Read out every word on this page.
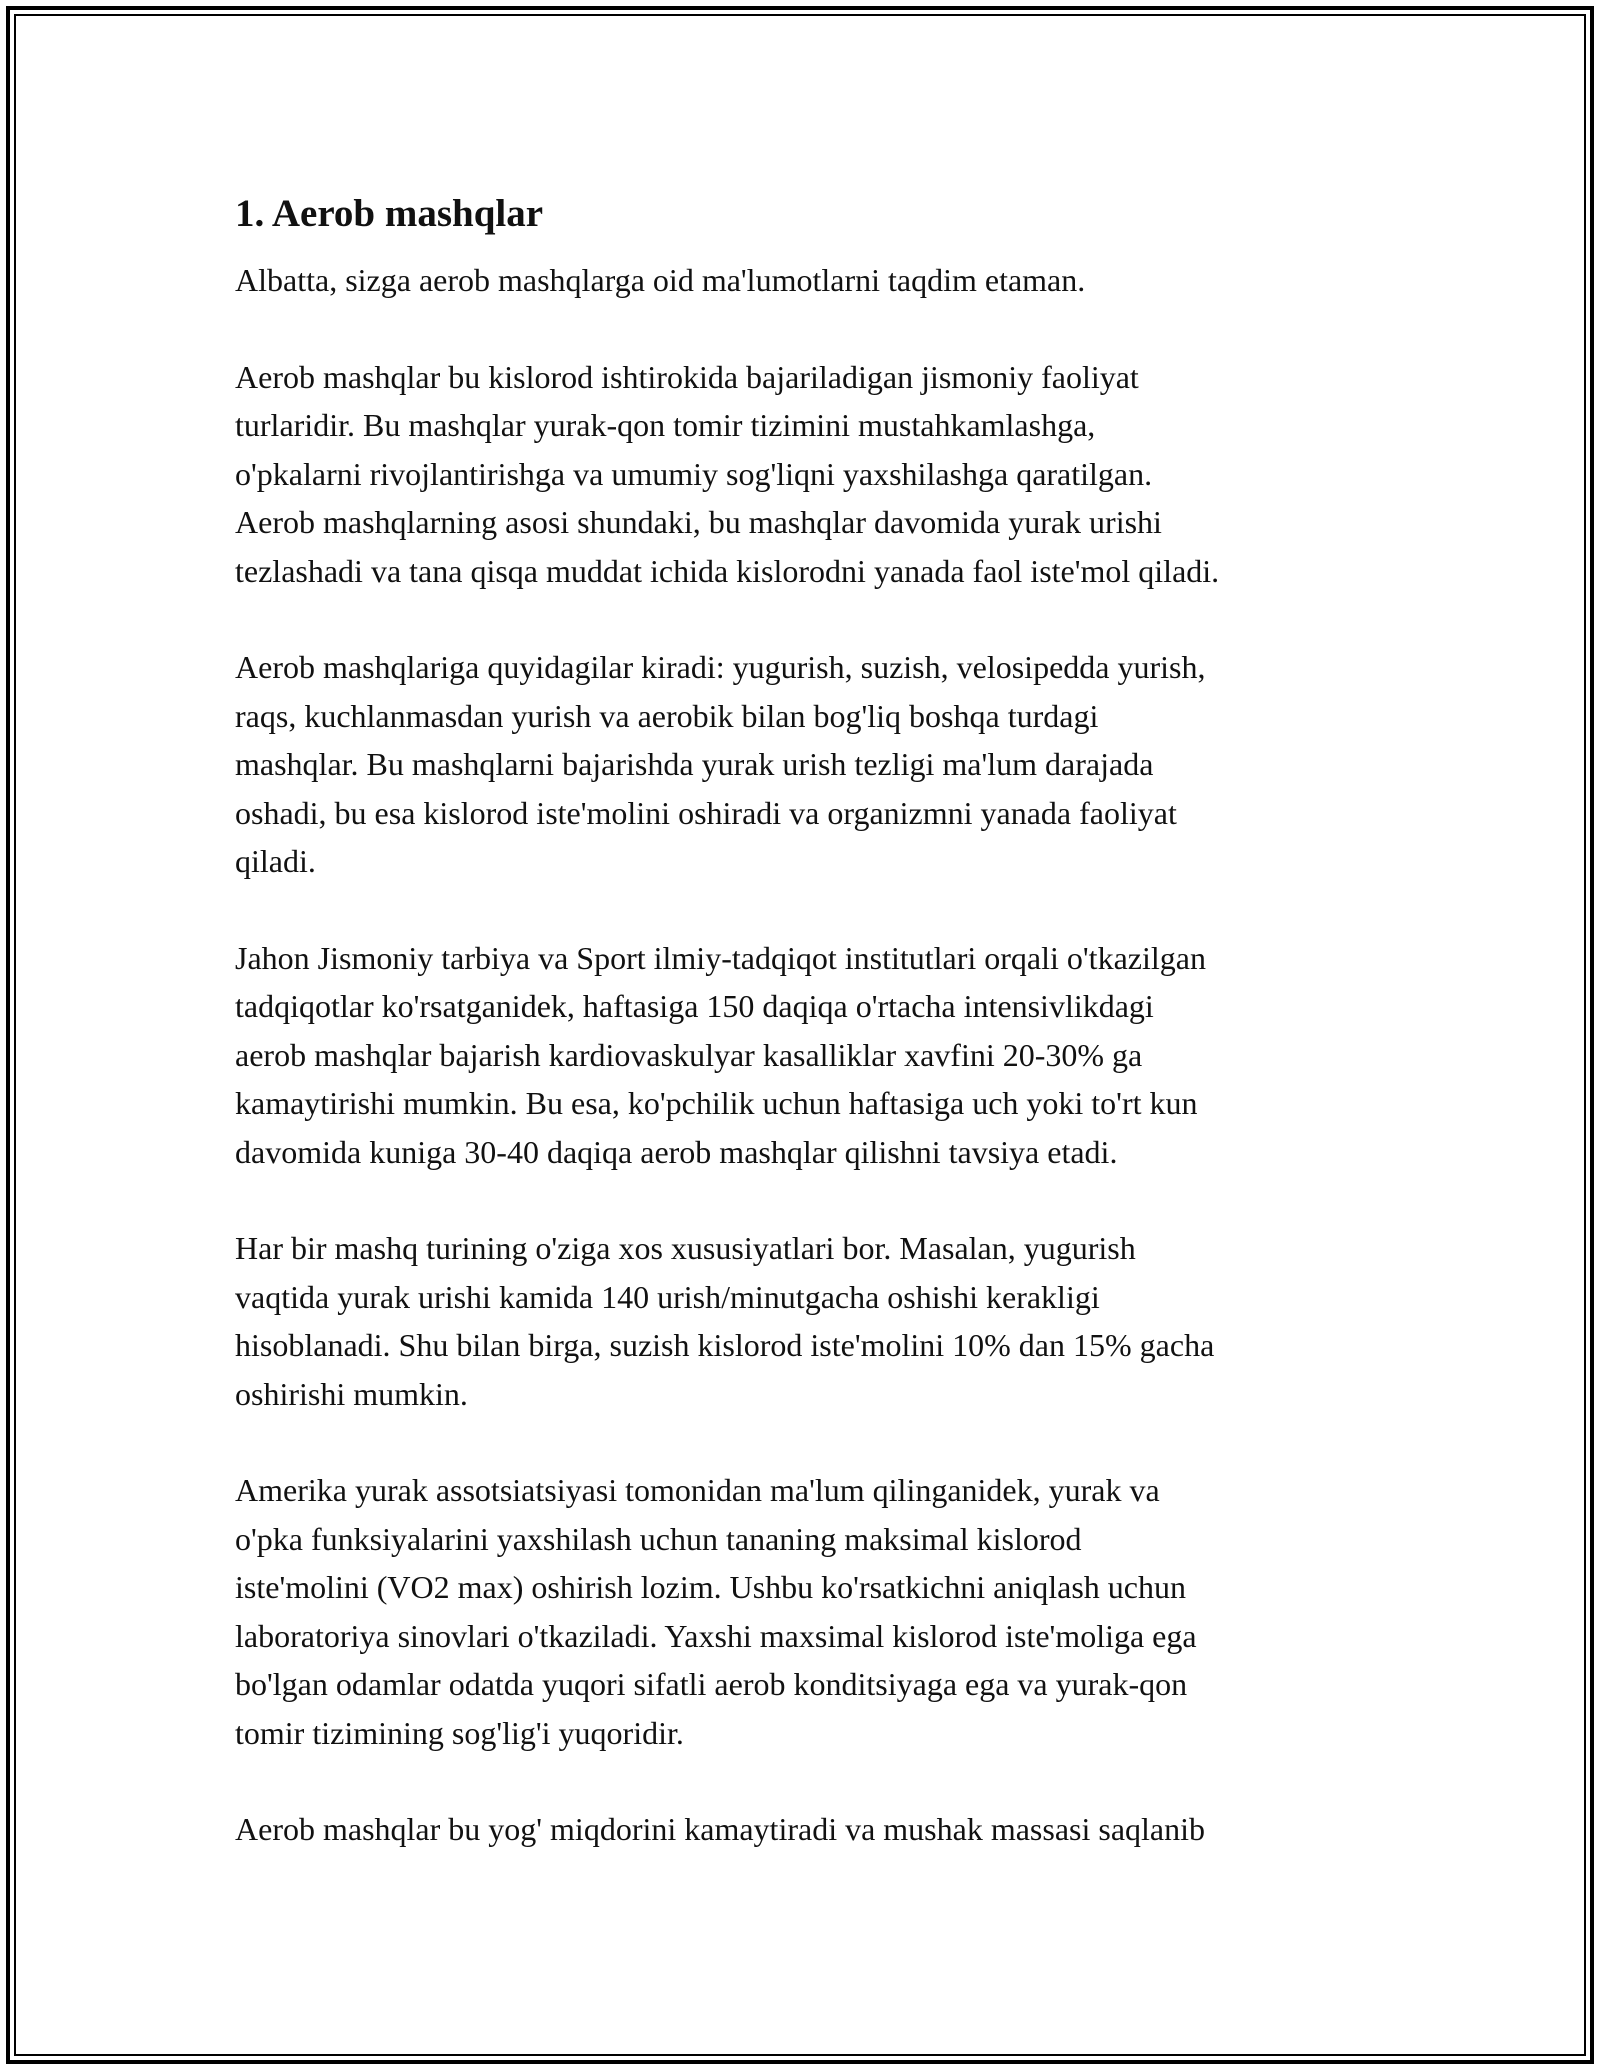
1. Aerob mashqlar

Albatta, sizga aerob mashqlarga oid ma'lumotlarni taqdim etaman.

Aerob mashqlar bu kislorod ishtirokida bajariladigan jismoniy faoliyat
turlaridir. Bu mashqlar yurak-qon tomir tizimini mustahkamlashga,
o'pkalarni rivojlantirishga va umumiy sog'liqni yaxshilashga qaratilgan.
Aerob mashqlarning asosi shundaki, bu mashqlar davomida yurak urishi
tezlashadi va tana qisqa muddat ichida kislorodni yanada faol iste'mol qiladi.

Aerob mashqlariga quyidagilar kiradi: yugurish, suzish, velosipedda yurish,
raqs, kuchlanmasdan yurish va aerobik bilan bog'liq boshqa turdagi
mashqlar. Bu mashqlarni bajarishda yurak urish tezligi ma'lum darajada
oshadi, bu esa kislorod iste'molini oshiradi va organizmni yanada faoliyat
qiladi.

Jahon Jismoniy tarbiya va Sport ilmiy-tadqiqot institutlari orqali o'tkazilgan
tadqiqotlar ko'rsatganidek, haftasiga 150 daqiqa o'rtacha intensivlikdagi
aerob mashqlar bajarish kardiovaskulyar kasalliklar xavfini 20-30% ga
kamaytirishi mumkin. Bu esa, ko'pchilik uchun haftasiga uch yoki to'rt kun
davomida kuniga 30-40 daqiqa aerob mashqlar qilishni tavsiya etadi.

Har bir mashq turining o'ziga xos xususiyatlari bor. Masalan, yugurish
vaqtida yurak urishi kamida 140 urish/minutgacha oshishi kerakligi
hisoblanadi. Shu bilan birga, suzish kislorod iste'molini 10% dan 15% gacha
oshirishi mumkin.

Amerika yurak assotsiatsiyasi tomonidan ma'lum qilinganidek, yurak va
o'pka funksiyalarini yaxshilash uchun tananing maksimal kislorod
iste'molini (VO2 max) oshirish lozim. Ushbu ko'rsatkichni aniqlash uchun
laboratoriya sinovlari o'tkaziladi. Yaxshi maxsimal kislorod iste'moliga ega
bo'lgan odamlar odatda yuqori sifatli aerob konditsiyaga ega va yurak-qon
tomir tizimining sog'lig'i yuqoridir.

Aerob mashqlar bu yog' miqdorini kamaytiradi va mushak massasi saqlanib
